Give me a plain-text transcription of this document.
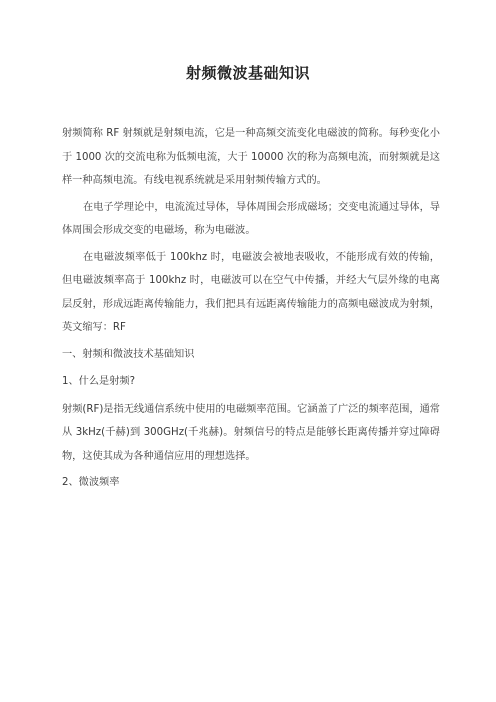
射频微波基础知识

射频简称 RF 射频就是射频电流，它是一种高频交流变化电磁波的简称。每秒变化小于 1000 次的交流电称为低频电流，大于 10000 次的称为高频电流，而射频就是这样一种高频电流。有线电视系统就是采用射频传输方式的。

在电子学理论中，电流流过导体，导体周围会形成磁场；交变电流通过导体，导体周围会形成交变的电磁场，称为电磁波。

在电磁波频率低于 100khz 时，电磁波会被地表吸收，不能形成有效的传输，但电磁波频率高于 100khz 时，电磁波可以在空气中传播，并经大气层外缘的电离层反射，形成远距离传输能力，我们把具有远距离传输能力的高频电磁波成为射频，英文缩写：RF

一、射频和微波技术基础知识

1、什么是射频?

射频(RF)是指无线通信系统中使用的电磁频率范围。它涵盖了广泛的频率范围，通常从 3kHz(千赫)到 300GHz(千兆赫)。射频信号的特点是能够长距离传播并穿过障碍物，这使其成为各种通信应用的理想选择。

2、微波频率
